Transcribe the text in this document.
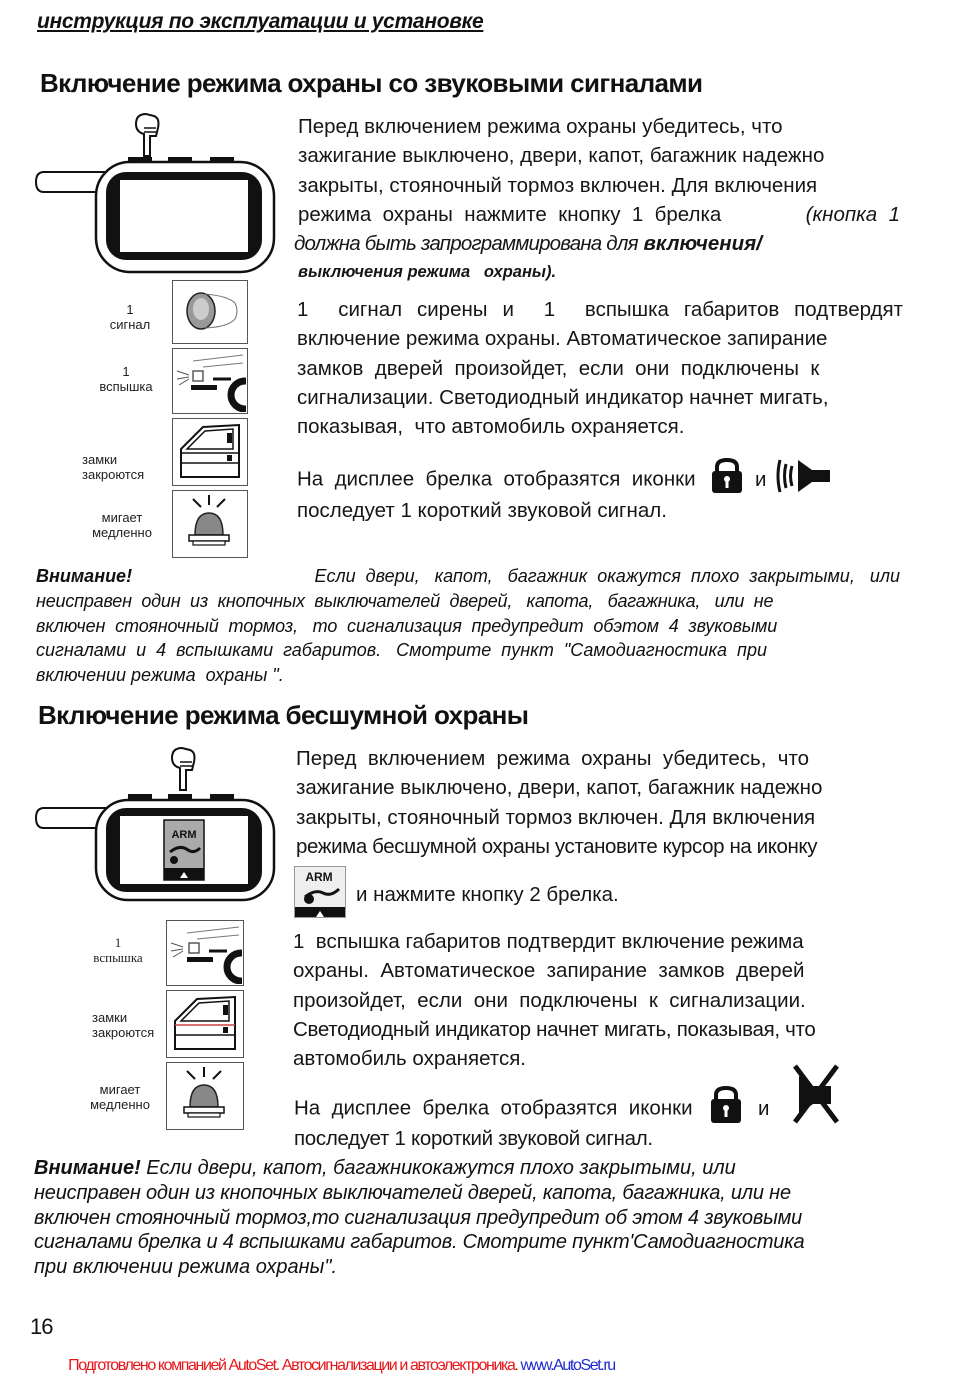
инструкция по эксплуатации и установке
Включение режима охраны со звуковыми сигналами
Перед включением режима охраны убедитесь, что
зажигание выключено, двери, капот, багажник надежно
закрыты, стояночный тормоз включен. Для включения
режима  охраны  нажмите  кнопку  1  брелка	(кнопка  1
должна быть запрограммирована для включения/
выключения режима   охраны).
1
сигнал
1
вспышка
замки
закроются
мигает
медленно
1  сигнал сирены и  1  вспышка габаритов подтвердят
включение режима охраны. Автоматическое запирание
замков  дверей  произойдет,  если  они  подключены  к
сигнализации. Светодиодный индикатор начнет мигать,
показывая,  что автомобиль охраняется.
На  дисплее  брелка  отобразятся  иконки	и
последует 1 короткий звуковой сигнал.
Внимание!	Если  двери,   капот,   багажник  окажутся  плохо  закрытыми,   или
неисправен  один  из  кнопочных  выключателей  дверей,   капота,   багажника,   или  не
включен  стояночный  тормоз,   то  сигнализация  предупредит  обэтом  4  звуковыми
сигналами  и  4  вспышками  габаритов.   Смотрите  пункт  "Самодиагностика  при
включении режима  охраны ".
Включение режима бесшумной охраны
ARM
Перед  включением  режима  охраны  убедитесь,  что
зажигание выключено, двери, капот, багажник надежно
закрыты, стояночный тормоз включен. Для включения
режима бесшумной охраны установите курсор на иконку
ARM
и нажмите кнопку 2 брелка.
1
вспышка
замки
закроются
мигает
медленно
1  вспышка габаритов подтвердит включение режима
охраны.  Автоматическое  запирание  замков  дверей
произойдет,  если  они  подключены  к  сигнализации.
Светодиодный индикатор начнет мигать, показывая, что
автомобиль охраняется.
На  дисплее  брелка  отобразятся  иконки	и
последует 1 короткий звуковой сигнал.
Внимание! Если двери, капот, багажникокажутся плохо закрытыми, или
неисправен один из кнопочных выключателей дверей, капота, багажника, или не
включен стояночный тормоз,то сигнализация предупредит об этом 4 звуковыми
сигналами брелка и 4 вспышками габаритов. Смотрите пункт'Самодиагностика
при включении режима охраны".
16

Подготовлено компанией AutoSet. Автосигнализации и автоэлектроника. www.AutoSet.ru
